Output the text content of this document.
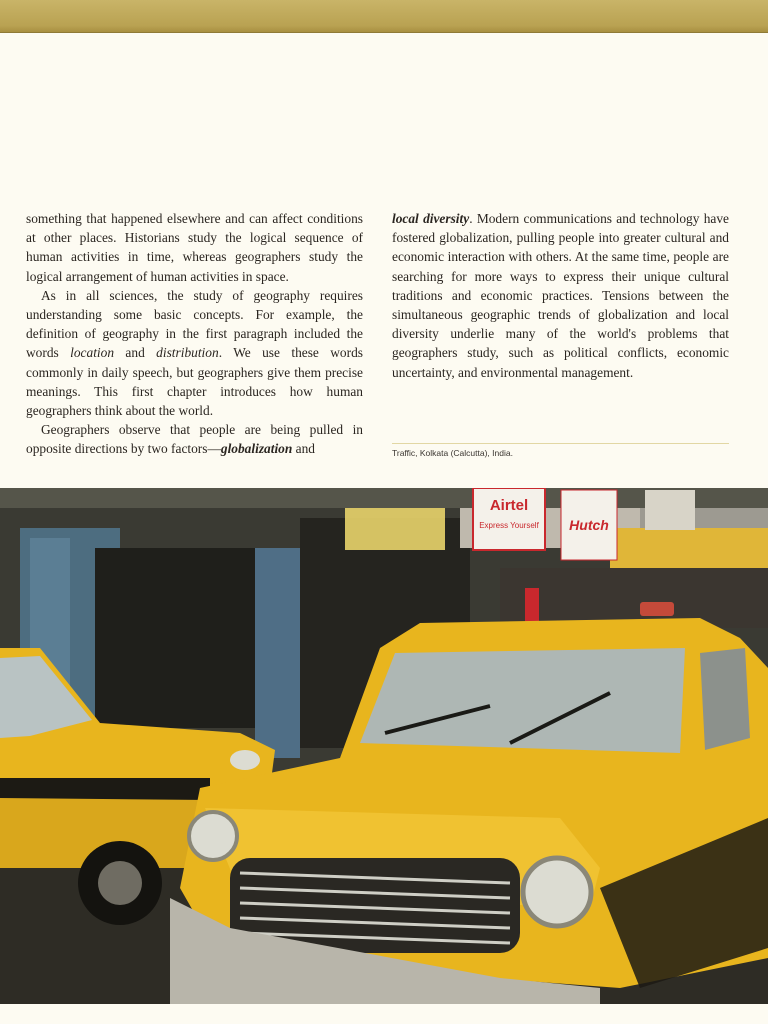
something that happened elsewhere and can affect conditions at other places. Historians study the logical sequence of human activities in time, whereas geographers study the logical arrangement of human activities in space.

As in all sciences, the study of geography requires understanding some basic concepts. For example, the definition of geography in the first paragraph included the words location and distribution. We use these words commonly in daily speech, but geographers give them precise meanings. This first chapter introduces how human geographers think about the world.

Geographers observe that people are being pulled in opposite directions by two factors—globalization and

local diversity. Modern communications and technology have fostered globalization, pulling people into greater cultural and economic interaction with others. At the same time, people are searching for more ways to express their unique cultural traditions and economic practices. Tensions between the simultaneous geographic trends of globalization and local diversity underlie many of the world's problems that geographers study, such as political conflicts, economic uncertainty, and environmental management.

Traffic, Kolkata (Calcutta), India.
Airtel
Express Yourself Hutch
